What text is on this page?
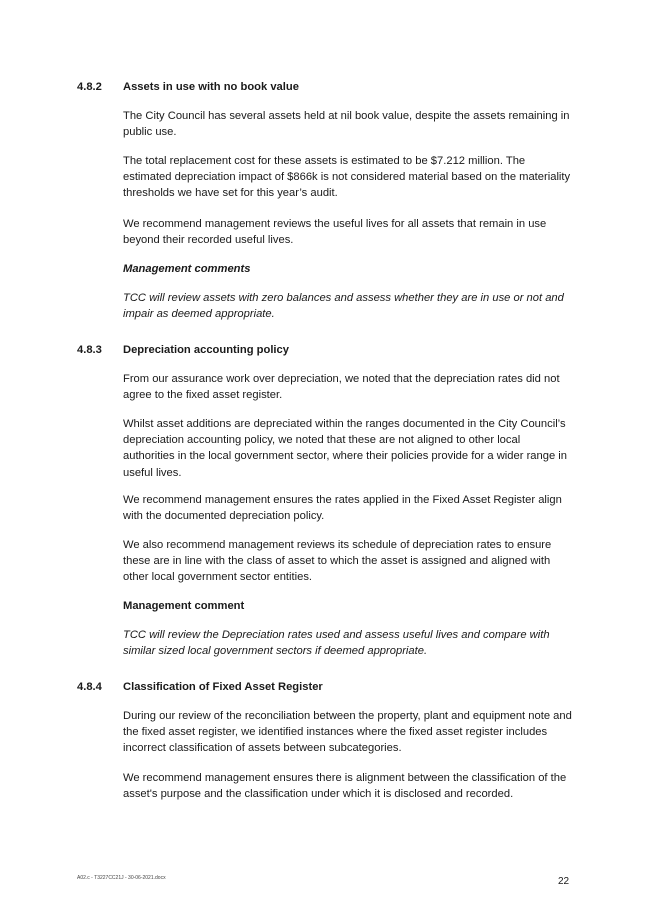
4.8.2 Assets in use with no book value

The City Council has several assets held at nil book value, despite the assets remaining in public use.

The total replacement cost for these assets is estimated to be $7.212 million. The estimated depreciation impact of $866k is not considered material based on the materiality thresholds we have set for this year’s audit.

We recommend management reviews the useful lives for all assets that remain in use beyond their recorded useful lives.

Management comments

TCC will review assets with zero balances and assess whether they are in use or not and impair as deemed appropriate.

4.8.3 Depreciation accounting policy

From our assurance work over depreciation, we noted that the depreciation rates did not agree to the fixed asset register.

Whilst asset additions are depreciated within the ranges documented in the City Council’s depreciation accounting policy, we noted that these are not aligned to other local authorities in the local government sector, where their policies provide for a wider range in useful lives.

We recommend management ensures the rates applied in the Fixed Asset Register align with the documented depreciation policy.

We also recommend management reviews its schedule of depreciation rates to ensure these are in line with the class of asset to which the asset is assigned and aligned with other local government sector entities.

Management comment

TCC will review the Depreciation rates used and assess useful lives and compare with similar sized local government sectors if deemed appropriate.

4.8.4 Classification of Fixed Asset Register

During our review of the reconciliation between the property, plant and equipment note and the fixed asset register, we identified instances where the fixed asset register includes incorrect classification of assets between subcategories.

We recommend management ensures there is alignment between the classification of the asset's purpose and the classification under which it is disclosed and recorded.

A02.c - T3227CC21J - 30-06-2021.docx	22
